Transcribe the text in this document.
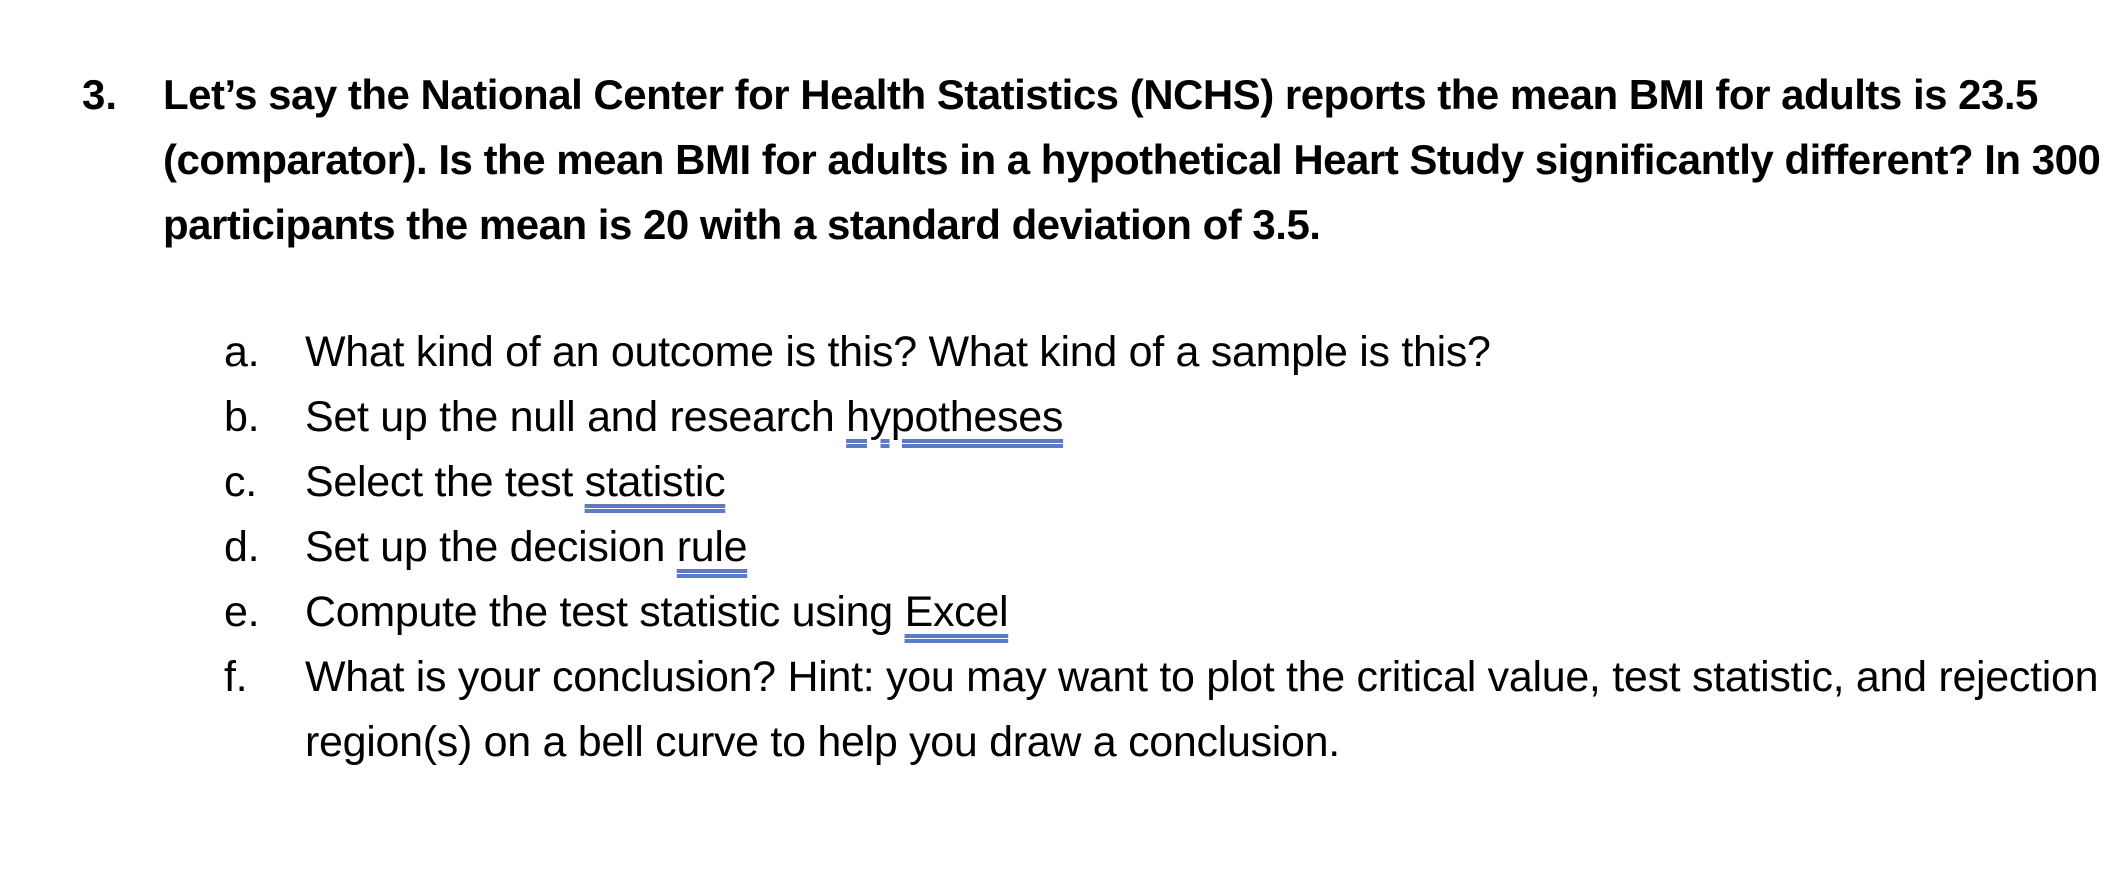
3. Let’s say the National Center for Health Statistics (NCHS) reports the mean BMI for adults is 23.5 (comparator). Is the mean BMI for adults in a hypothetical Heart Study significantly different? In 300 participants the mean is 20 with a standard deviation of 3.5.
a. What kind of an outcome is this? What kind of a sample is this?
b. Set up the null and research hypotheses
c. Select the test statistic
d. Set up the decision rule
e. Compute the test statistic using Excel
f. What is your conclusion? Hint: you may want to plot the critical value, test statistic, and rejection region(s) on a bell curve to help you draw a conclusion.
